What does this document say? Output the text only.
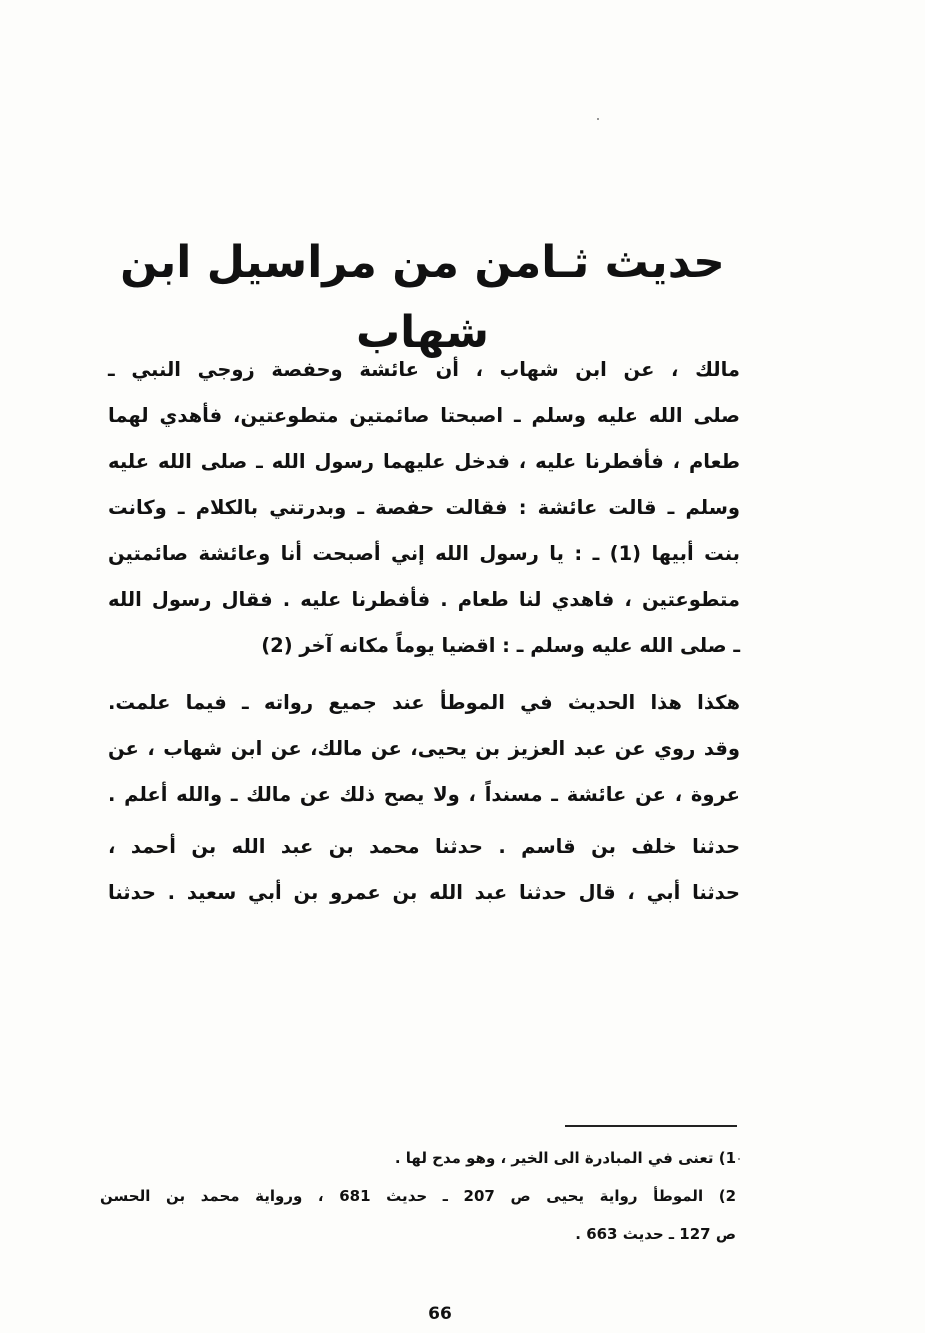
حديث ثـامن من مراسيل ابن شهاب
مالك ، عن ابن شهاب ، أن عائشة وحفصة زوجي النبي ـ
صلى الله عليه وسلم ـ اصبحتا صائمتين متطوعتين، فأهدي لهما
طعام ، فأفطرنا عليه ، فدخل عليهما رسول الله ـ صلى الله عليه
وسلم ـ قالت عائشة : فقالت حفصة ـ وبدرتني بالكلام ـ وكانت
بنت أبيها (1) ـ : يا رسول الله إني أصبحت أنا وعائشة صائمتين
متطوعتين ، فاهدي لنا طعام . فأفطرنا عليه . فقال رسول الله
ـ صلى الله عليه وسلم ـ : اقضيا يوماً مكانه آخر (2)
هكذا هذا الحديث في الموطأ عند جميع رواته ـ فيما علمت.
وقد روي عن عبد العزيز بن يحيى، عن مالك، عن ابن شهاب ، عن
عروة ، عن عائشة ـ مسنداً ، ولا يصح ذلك عن مالك ـ والله أعلم .
حدثنا خلف بن قاسم . حدثنا محمد بن عبد الله بن أحمد ،
حدثنا أبي ، قال حدثنا عبد الله بن عمرو بن أبي سعيد . حدثنا
1) تعنى في المبادرة الى الخير ، وهو مدح لها .
2) الموطأ رواية يحيى ص 207 ـ حديث 681 ، ورواية محمد بن الحسن
ص 127 ـ حديث 663 .
66
